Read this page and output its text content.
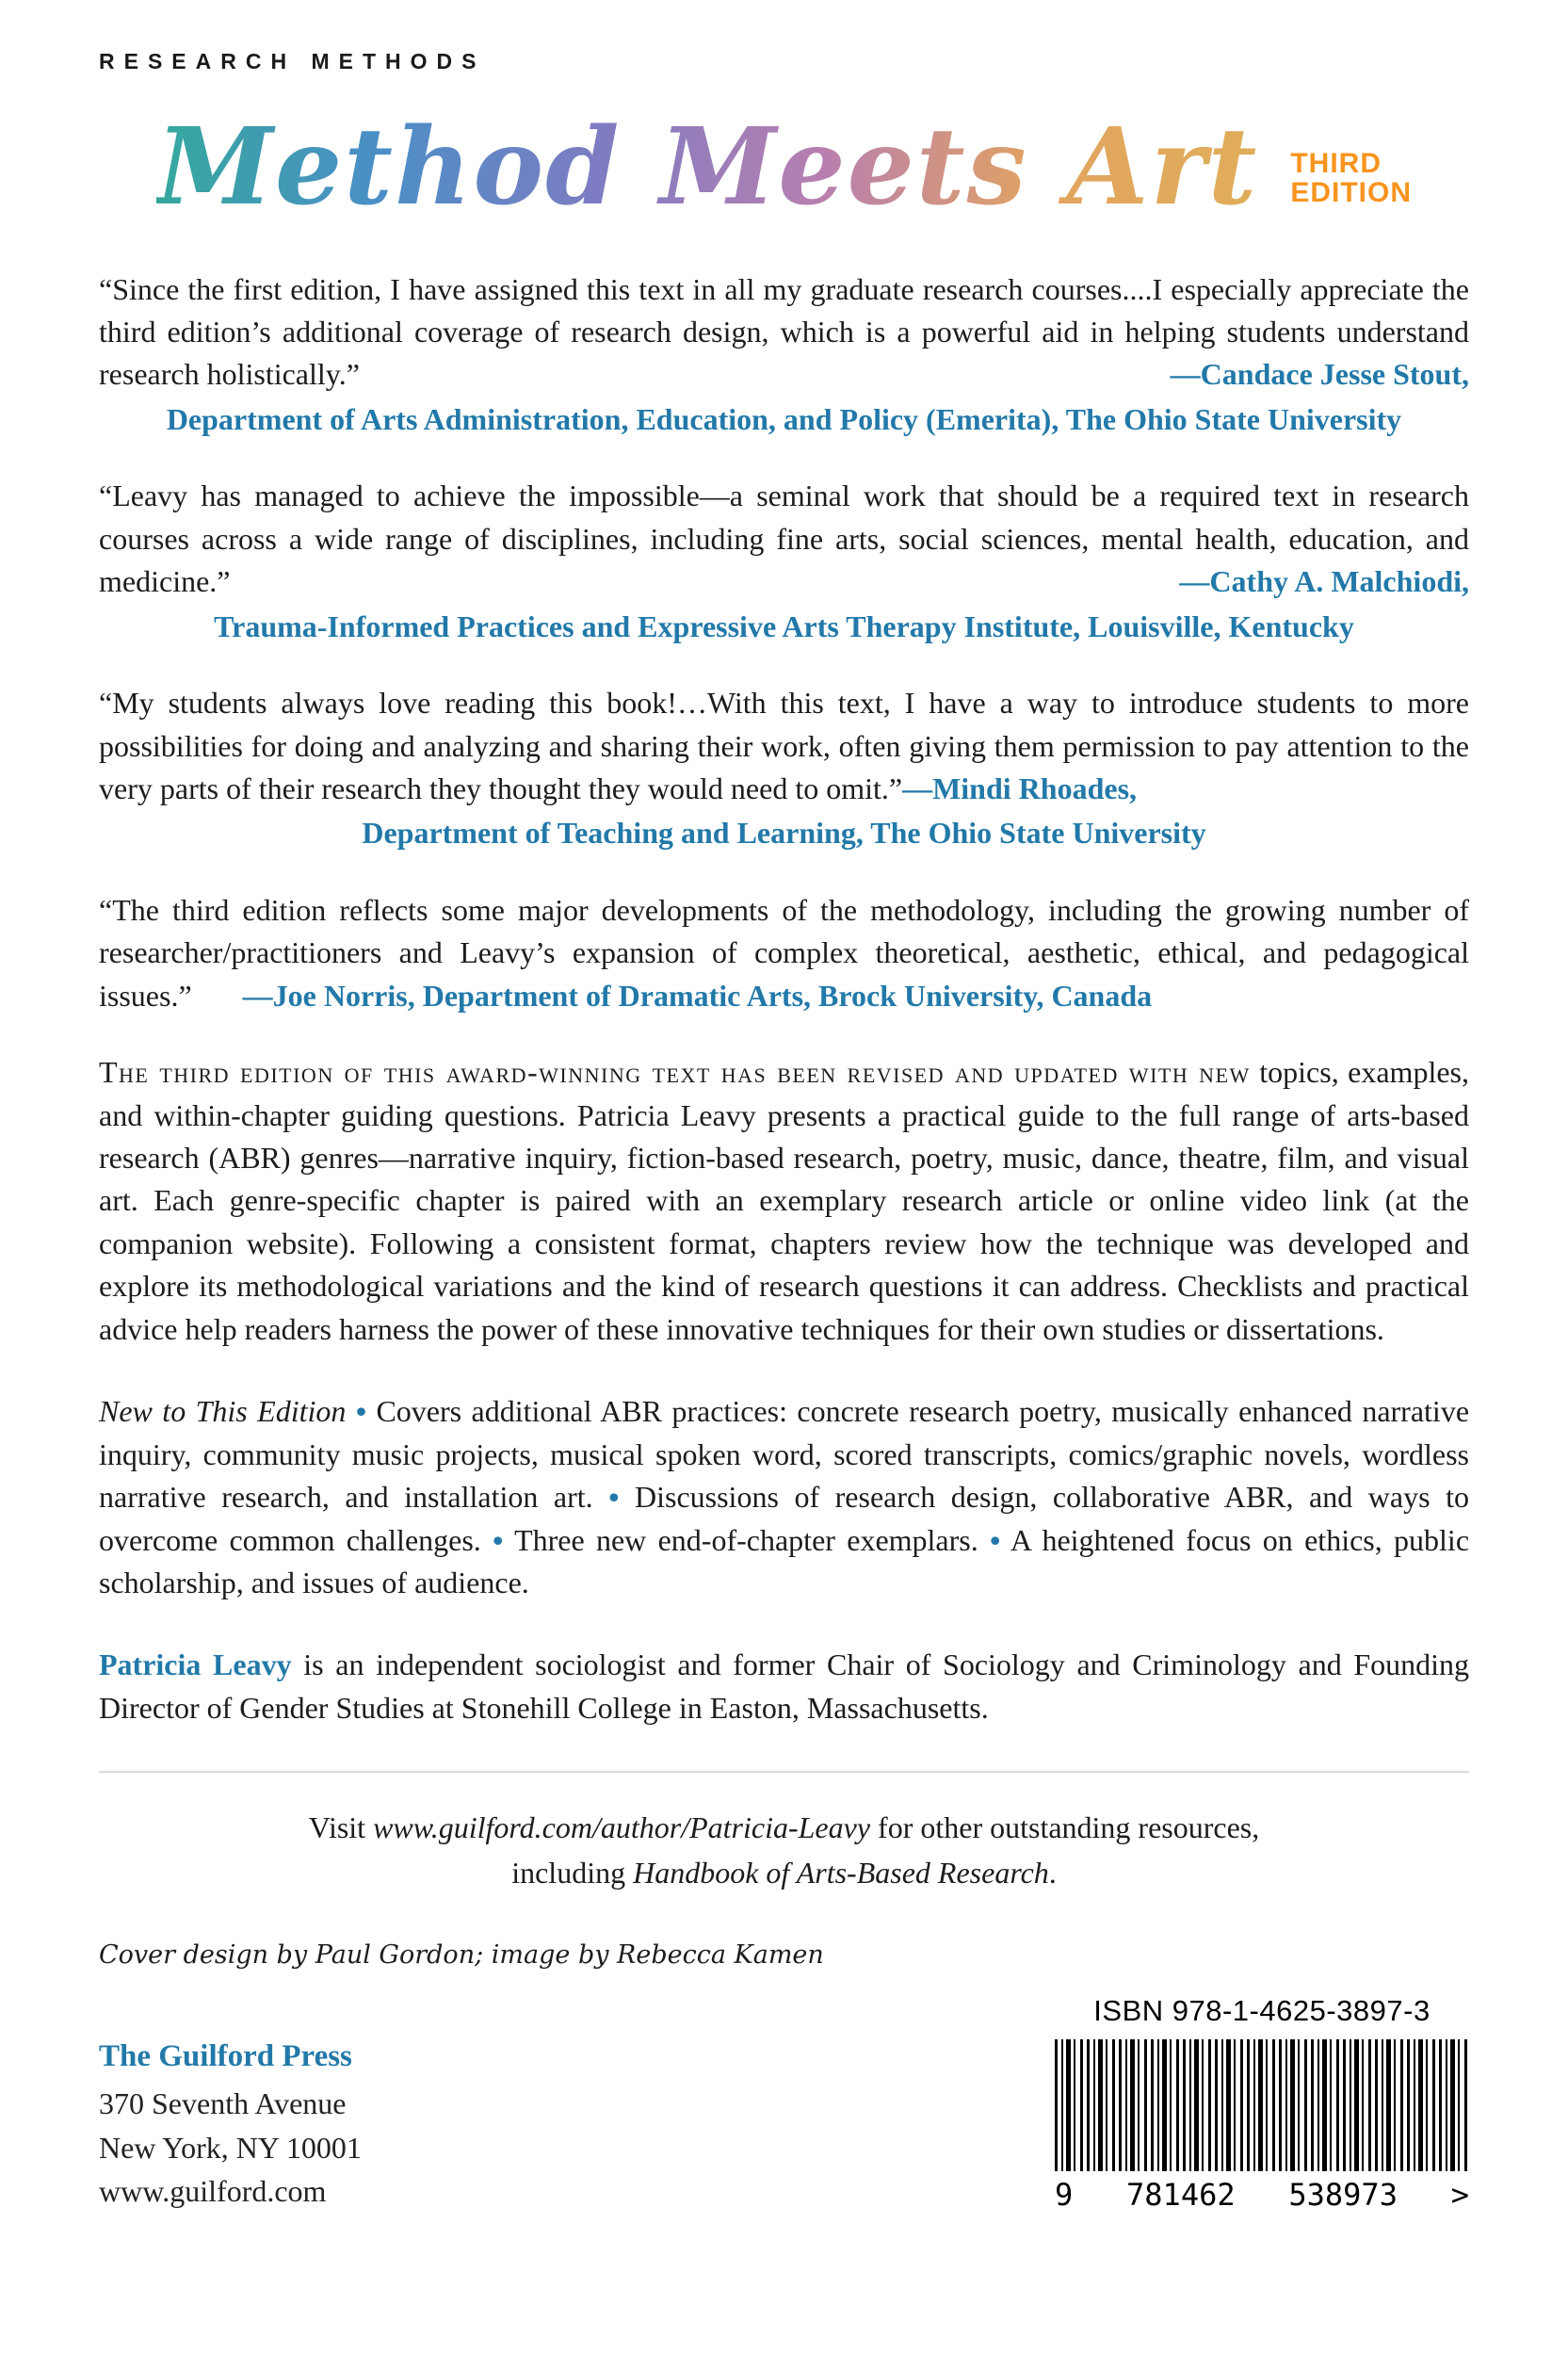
RESEARCH METHODS
Method Meets Art THIRD
EDITION

“Since the first edition, I have assigned this text in all my graduate research courses....I especially appreciate the third edition’s additional coverage of research design, which is a powerful aid in helping students understand research holistically.”	—Candace Jesse Stout,

Department of Arts Administration, Education, and Policy (Emerita), The Ohio State University

“Leavy has managed to achieve the impossible—a seminal work that should be a required text in research courses across a wide range of disciplines, including fine arts, social sciences, mental health, education, and medicine.”	—Cathy A. Malchiodi,

Trauma-Informed Practices and Expressive Arts Therapy Institute, Louisville, Kentucky

“My students always love reading this book!…With this text, I have a way to introduce students to more possibilities for doing and analyzing and sharing their work, often giving them permission to pay attention to the very parts of their research they thought they would need to omit.”—Mindi Rhoades,

Department of Teaching and Learning, The Ohio State University

“The third edition reflects some major developments of the methodology, including the growing number of researcher/practitioners and Leavy’s expansion of complex theoretical, aesthetic, ethical, and pedagogical issues.” —Joe Norris, Department of Dramatic Arts, Brock University, Canada

The third edition of this award-winning text has been revised and updated with new topics, examples, and within-chapter guiding questions. Patricia Leavy presents a practical guide to the full range of arts-based research (ABR) genres—narrative inquiry, fiction-based research, poetry, music, dance, theatre, film, and visual art. Each genre-specific chapter is paired with an exemplary research article or online video link (at the companion website). Following a consistent format, chapters review how the technique was developed and explore its methodological variations and the kind of research questions it can address. Checklists and practical advice help readers harness the power of these innovative techniques for their own studies or dissertations.

New to This Edition • Covers additional ABR practices: concrete research poetry, musically enhanced narrative inquiry, community music projects, musical spoken word, scored transcripts, comics/graphic novels, wordless narrative research, and installation art. • Discussions of research design, collaborative ABR, and ways to overcome common challenges. • Three new end-of-chapter exemplars. • A heightened focus on ethics, public scholarship, and issues of audience.

Patricia Leavy is an independent sociologist and former Chair of Sociology and Criminology and Founding Director of Gender Studies at Stonehill College in Easton, Massachusetts.

Visit www.guilford.com/author/Patricia-Leavy for other outstanding resources,
including Handbook of Arts-Based Research.

Cover design by Paul Gordon; image by Rebecca Kamen

The Guilford Press
370 Seventh Avenue
New York, NY 10001
www.guilford.com
ISBN 978-1-4625-3897-3
9 781462 538973 >
